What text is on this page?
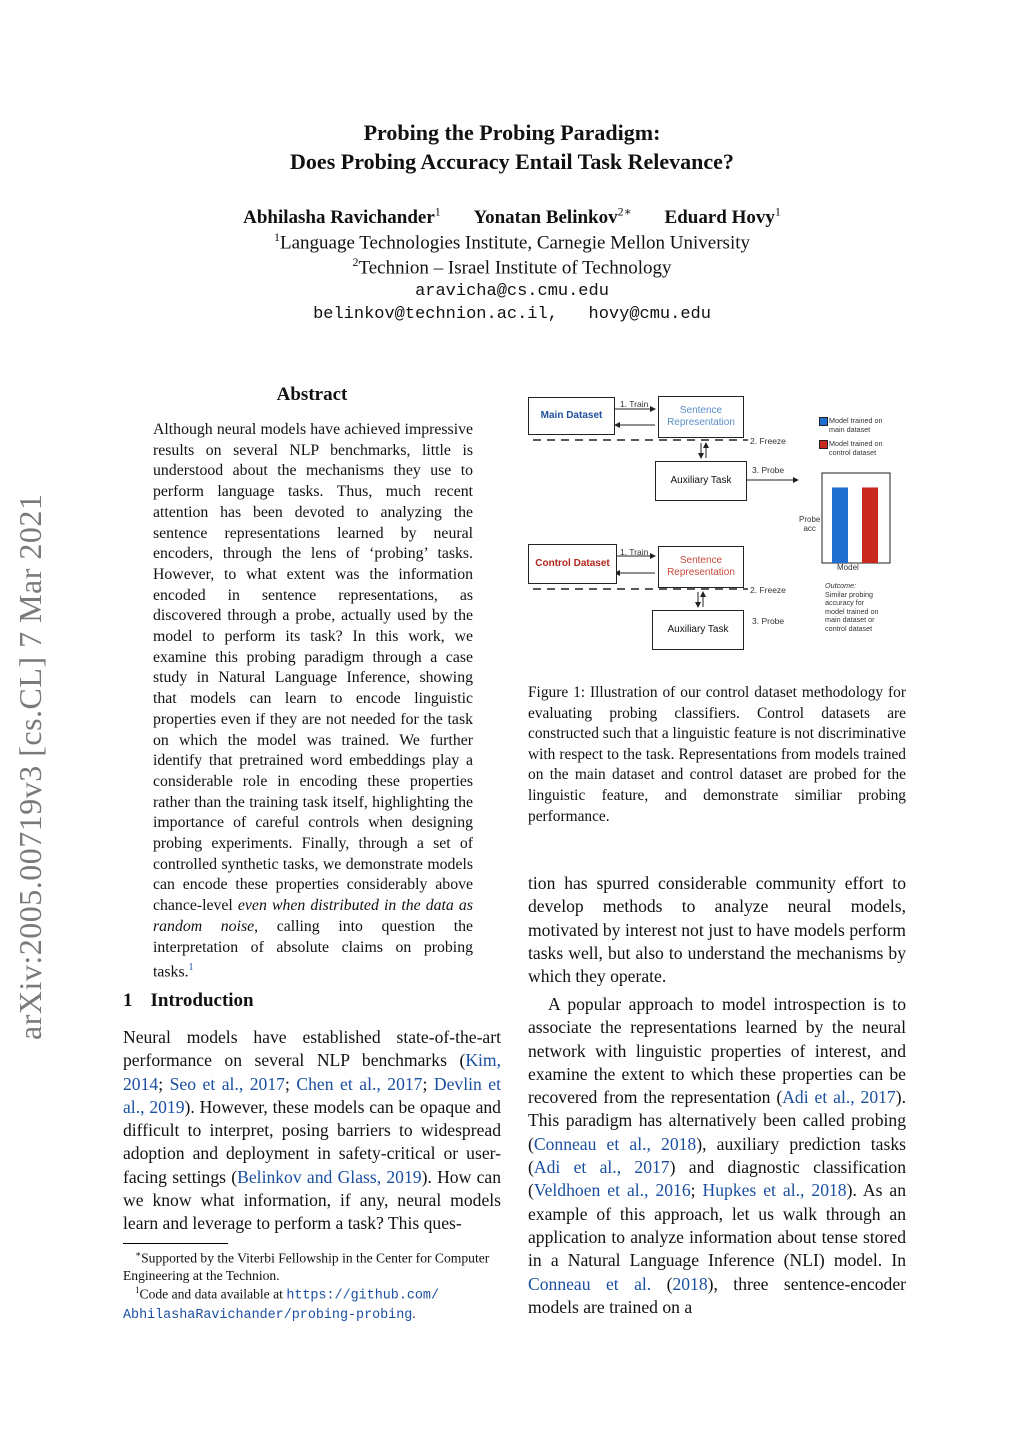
Probing the Probing Paradigm:
Does Probing Accuracy Entail Task Relevance?
Abhilasha Ravichander$^1$ Yonatan Belinkov$^{2∗}$ Eduard Hovy$^1$
$^1$Language Technologies Institute, Carnegie Mellon University
$^2$Technion – Israel Institute of Technology
aravicha@cs.cmu.edu
belinkov@technion.ac.il,   hovy@cmu.edu
arXiv:2005.00719v3 [cs.CL] 7 Mar 2021
Abstract
Although neural models have achieved impressive results on several NLP benchmarks, little is understood about the mechanisms they use to perform language tasks. Thus, much recent attention has been devoted to analyzing the sentence representations learned by neural encoders, through the lens of ‘probing’ tasks. However, to what extent was the information encoded in sentence representations, as discovered through a probe, actually used by the model to perform its task? In this work, we examine this probing paradigm through a case study in Natural Language Inference, showing that models can learn to encode linguistic properties even if they are not needed for the task on which the model was trained. We further identify that pretrained word embeddings play a considerable role in encoding these properties rather than the training task itself, highlighting the importance of careful controls when designing probing experiments. Finally, through a set of controlled synthetic tasks, we demonstrate models can encode these properties considerably above chance-level even when distributed in the data as random noise, calling into question the interpretation of absolute claims on probing tasks.$^1$
1 Introduction
Neural models have established state-of-the-art performance on several NLP benchmarks (Kim, 2014; Seo et al., 2017; Chen et al., 2017; Devlin et al., 2019). However, these models can be opaque and difficult to interpret, posing barriers to widespread adoption and deployment in safety-critical or user-facing settings (Belinkov and Glass, 2019). How can we know what information, if any, neural models learn and leverage to perform a task? This ques-
∗Supported by the Viterbi Fellowship in the Center for Computer Engineering at the Technion.
$^1$Code and data available at https://github.com/
AbhilashaRavichander/probing-probing.
Main Dataset	Sentence
Representation
1. Train
2. Freeze
Auxiliary Task
3. Probe
Control Dataset	Sentence
Representation
1. Train
2. Freeze
Auxiliary Task
3. Probe
Model trained on
main dataset
Model trained on
control dataset
Probe
acc
Model
Outcome:
Similar probing
accuracy for
model trained on
main dataset or
control dataset
Figure 1: Illustration of our control dataset methodology for evaluating probing classifiers. Control datasets are constructed such that a linguistic feature is not discriminative with respect to the task. Representations from models trained on the main dataset and control dataset are probed for the linguistic feature, and demonstrate similiar probing performance.
tion has spurred considerable community effort to develop methods to analyze neural models, motivated by interest not just to have models perform tasks well, but also to understand the mechanisms by which they operate.
A popular approach to model introspection is to associate the representations learned by the neural network with linguistic properties of interest, and examine the extent to which these properties can be recovered from the representation (Adi et al., 2017). This paradigm has alternatively been called probing (Conneau et al., 2018), auxiliary prediction tasks (Adi et al., 2017) and diagnostic classification (Veldhoen et al., 2016; Hupkes et al., 2018). As an example of this approach, let us walk through an application to analyze information about tense stored in a Natural Language Inference (NLI) model. In Conneau et al. (2018), three sentence-encoder models are trained on a
